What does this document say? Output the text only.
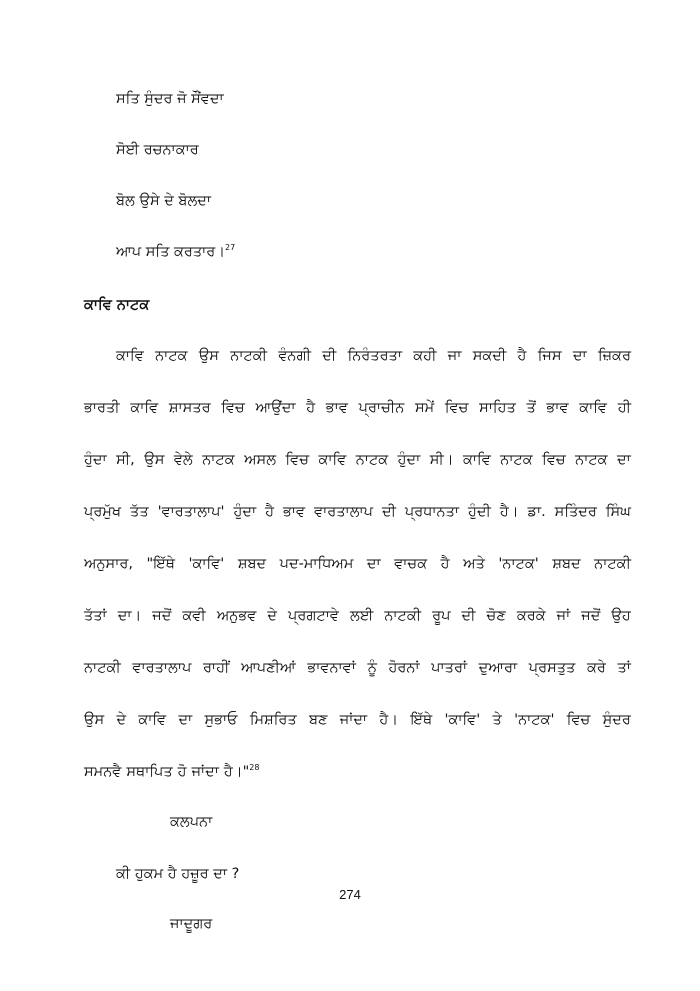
ਸਤਿ ਸੁੰਦਰ ਜੋ ਸੌਂਵਦਾ
ਸੋਈ ਰਚਨਾਕਾਰ
ਬੋਲ ਉਸੇ ਦੇ ਬੋਲਦਾ
ਆਪ ਸਤਿ ਕਰਤਾਰ।$^{27}$
ਕਾਵਿ ਨਾਟਕ
ਕਾਵਿ ਨਾਟਕ ਉਸ ਨਾਟਕੀ ਵੰਨਗੀ ਦੀ ਨਿਰੰਤਰਤਾ ਕਹੀ ਜਾ ਸਕਦੀ ਹੈ ਜਿਸ ਦਾ ਜ਼ਿਕਰ
ਭਾਰਤੀ ਕਾਵਿ ਸ਼ਾਸਤਰ ਵਿਚ ਆਉਂਦਾ ਹੈ ਭਾਵ ਪ੍ਰਾਚੀਨ ਸਮੇਂ ਵਿਚ ਸਾਹਿਤ ਤੋਂ ਭਾਵ ਕਾਵਿ ਹੀ
ਹੁੰਦਾ ਸੀ, ਉਸ ਵੇਲੇ ਨਾਟਕ ਅਸਲ ਵਿਚ ਕਾਵਿ ਨਾਟਕ ਹੁੰਦਾ ਸੀ। ਕਾਵਿ ਨਾਟਕ ਵਿਚ ਨਾਟਕ ਦਾ
ਪ੍ਰਮੁੱਖ ਤੱਤ 'ਵਾਰਤਾਲਾਪ' ਹੁੰਦਾ ਹੈ ਭਾਵ ਵਾਰਤਾਲਾਪ ਦੀ ਪ੍ਰਧਾਨਤਾ ਹੁੰਦੀ ਹੈ। ਡਾ. ਸਤਿੰਦਰ ਸਿੰਘ
ਅਨੁਸਾਰ, "ਇੱਥੇ 'ਕਾਵਿ' ਸ਼ਬਦ ਪਦ-ਮਾਧਿਅਮ ਦਾ ਵਾਚਕ ਹੈ ਅਤੇ 'ਨਾਟਕ' ਸ਼ਬਦ ਨਾਟਕੀ
ਤੱਤਾਂ ਦਾ। ਜਦੋਂ ਕਵੀ ਅਨੁਭਵ ਦੇ ਪ੍ਰਗਟਾਵੇ ਲਈ ਨਾਟਕੀ ਰੂਪ ਦੀ ਚੋਣ ਕਰਕੇ ਜਾਂ ਜਦੋਂ ਉਹ
ਨਾਟਕੀ ਵਾਰਤਾਲਾਪ ਰਾਹੀਂ ਆਪਣੀਆਂ ਭਾਵਨਾਵਾਂ ਨੂੰ ਹੋਰਨਾਂ ਪਾਤਰਾਂ ਦੁਆਰਾ ਪ੍ਰਸਤੁਤ ਕਰੇ ਤਾਂ
ਉਸ ਦੇ ਕਾਵਿ ਦਾ ਸੁਭਾਓ ਮਿਸ਼ਰਿਤ ਬਣ ਜਾਂਦਾ ਹੈ। ਇੱਥੇ 'ਕਾਵਿ' ਤੇ 'ਨਾਟਕ' ਵਿਚ ਸੁੰਦਰ
ਸਮਨਵੈ ਸਥਾਪਿਤ ਹੋ ਜਾਂਦਾ ਹੈ।"$^{28}$
ਕਲਪਨਾ
ਕੀ ਹੁਕਮ ਹੈ ਹਜ਼ੂਰ ਦਾ ?
ਜਾਦੂਗਰ
274
